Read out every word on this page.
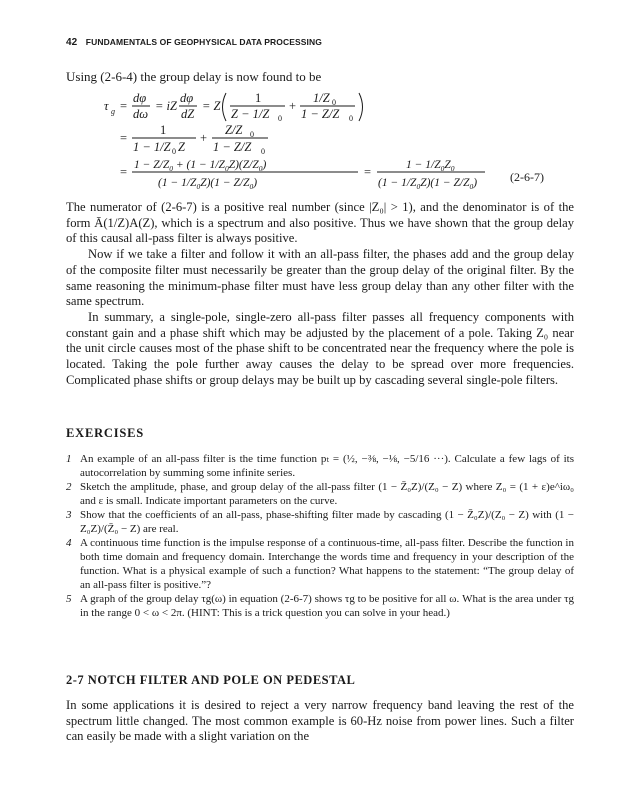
42 FUNDAMENTALS OF GEOPHYSICAL DATA PROCESSING
Using (2-6-4) the group delay is now found to be
τ g =
dφ
dω
= iZ
dφ
dZ
= Z
1
Z − 1/Z 0
+
1/Z 0
1 − Z/Z 0
=
1
1 − 1/Z 0 Z
+
Z/Z 0
1 − Z/Z 0
= $1 - Z/Z_0 + (1 - 1/Z_0Z)(Z/Z_0)$
$(1 - 1/Z_0Z)(1 - Z/Z_0)$
=	$1 - 1/Z_0Z_0$
$(1 - 1/Z_0Z)(1 - Z/Z_0)$	(2-6-7)

The numerator of (2-6-7) is a positive real number (since |Z₀| > 1), and the denominator is of the form Ā(1/Z)A(Z), which is a spectrum and also positive. Thus we have shown that the group delay of this causal all-pass filter is always positive.

Now if we take a filter and follow it with an all-pass filter, the phases add and the group delay of the composite filter must necessarily be greater than the group delay of the original filter. By the same reasoning the minimum-phase filter must have less group delay than any other filter with the same spectrum.

In summary, a single-pole, single-zero all-pass filter passes all frequency components with constant gain and a phase shift which may be adjusted by the placement of a pole. Taking Z₀ near the unit circle causes most of the phase shift to be concentrated near the frequency where the pole is located. Taking the pole further away causes the delay to be spread over more frequencies. Complicated phase shifts or group delays may be built up by cascading several single-pole filters.

EXERCISES
1 An example of an all-pass filter is the time function pₜ = (½, −⅜, −⅛, −5/16 ···). Calculate a few lags of its autocorrelation by summing some infinite series.
2 Sketch the amplitude, phase, and group delay of the all-pass filter (1 − Z̄₀Z)/(Z₀ − Z) where Z₀ = (1 + ε)e^iω₀ and ε is small. Indicate important parameters on the curve.
3 Show that the coefficients of an all-pass, phase-shifting filter made by cascading (1 − Z̄₀Z)/(Z₀ − Z) with (1 − Z₀Z)/(Z̄₀ − Z) are real.
4 A continuous time function is the impulse response of a continuous-time, all-pass filter. Describe the function in both time domain and frequency domain. Interchange the words time and frequency in your description of the function. What is a physical example of such a function? What happens to the statement: “The group delay of an all-pass filter is positive.”?
5 A graph of the group delay τg(ω) in equation (2-6-7) shows τg to be positive for all ω. What is the area under τg in the range 0 < ω < 2π. (HINT: This is a trick question you can solve in your head.)
2-7 NOTCH FILTER AND POLE ON PEDESTAL
In some applications it is desired to reject a very narrow frequency band leaving the rest of the spectrum little changed. The most common example is 60-Hz noise from power lines. Such a filter can easily be made with a slight variation on the
